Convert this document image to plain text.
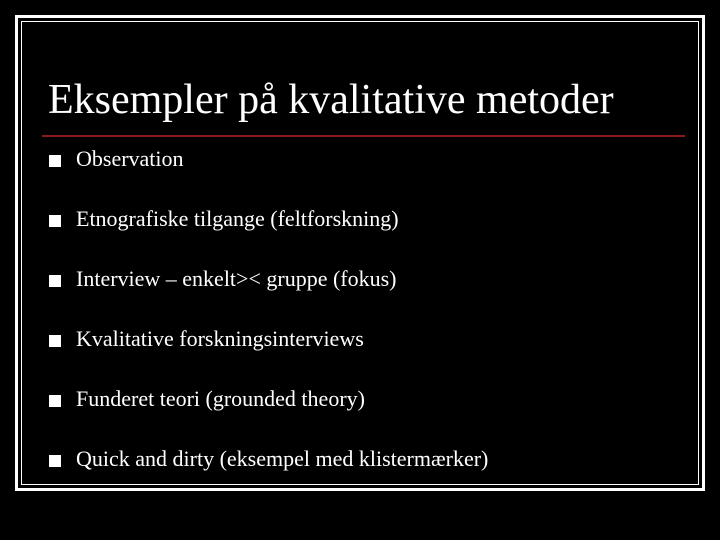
Eksempler på kvalitative metoder
Observation
Etnografiske tilgange (feltforskning)
Interview – enkelt>< gruppe (fokus)
Kvalitative forskningsinterviews
Funderet teori (grounded theory)
Quick and dirty (eksempel med klistermærker)
